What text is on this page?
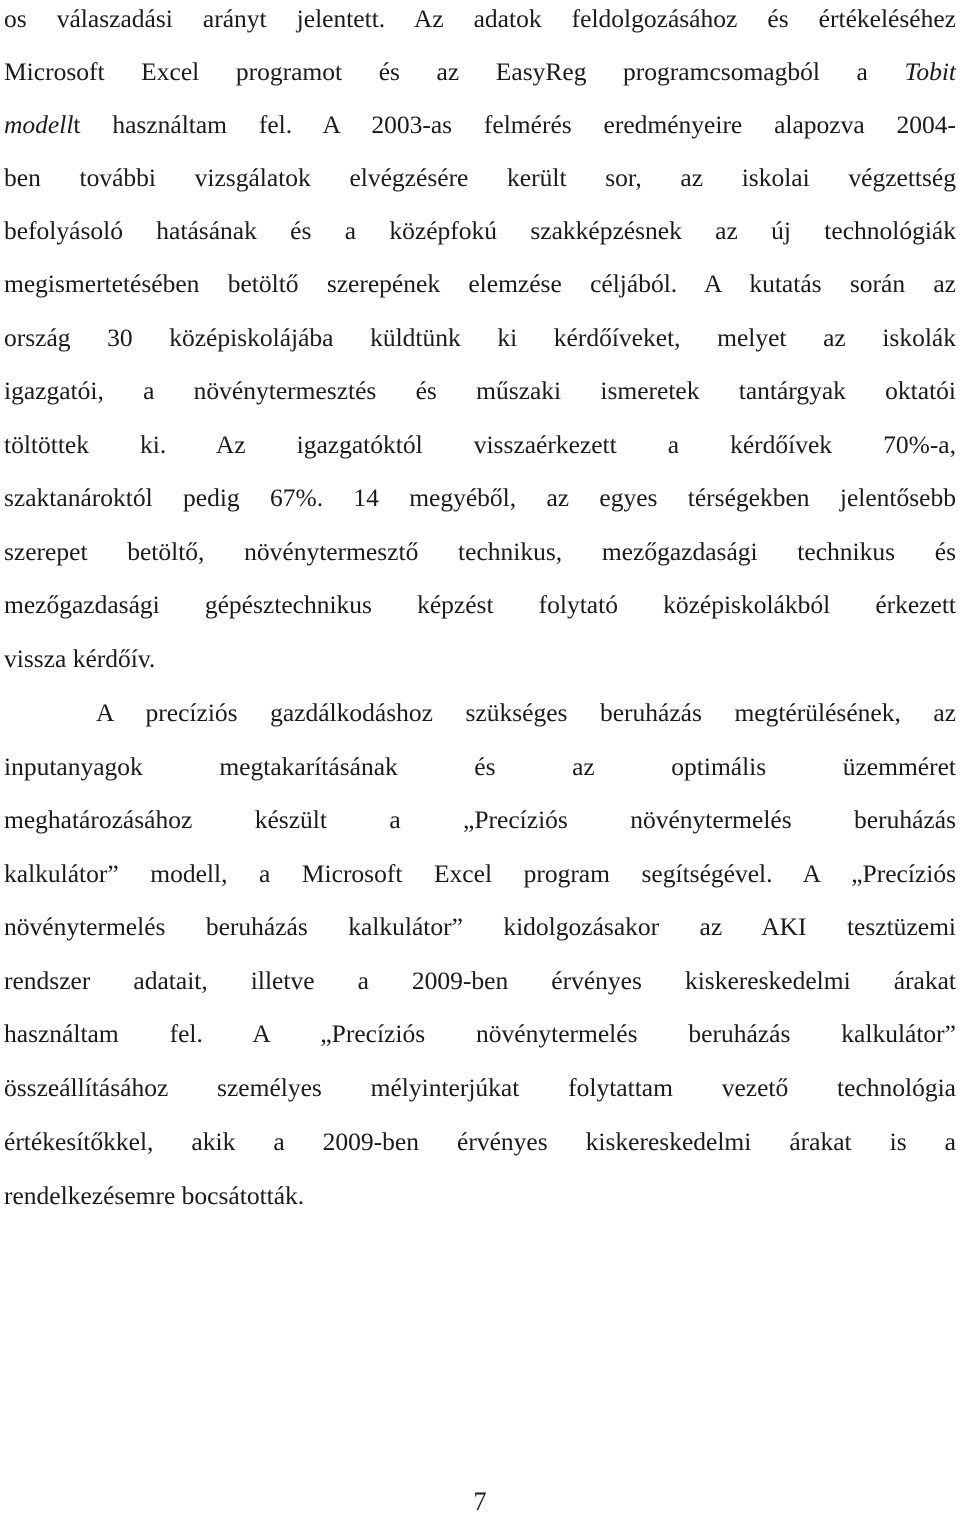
os válaszadási arányt jelentett. Az adatok feldolgozásához és értékeléséhez
Microsoft Excel programot és az EasyReg programcsomagból a Tobit
modellt használtam fel. A 2003-as felmérés eredményeire alapozva 2004-
ben további vizsgálatok elvégzésére került sor, az iskolai végzettség
befolyásoló hatásának és a középfokú szakképzésnek az új technológiák
megismertetésében betöltő szerepének elemzése céljából. A kutatás során az
ország 30 középiskolájába küldtünk ki kérdőíveket, melyet az iskolák
igazgatói, a növénytermesztés és műszaki ismeretek tantárgyak oktatói
töltöttek ki. Az igazgatóktól visszaérkezett a kérdőívek 70%-a,
szaktanároktól pedig 67%. 14 megyéből, az egyes térségekben jelentősebb
szerepet betöltő, növénytermesztő technikus, mezőgazdasági technikus és
mezőgazdasági gépésztechnikus képzést folytató középiskolákból érkezett
vissza kérdőív.
A precíziós gazdálkodáshoz szükséges beruházás megtérülésének, az
inputanyagok megtakarításának és az optimális üzemméret
meghatározásához készült a „Precíziós növénytermelés beruházás
kalkulátor” modell, a Microsoft Excel program segítségével. A „Precíziós
növénytermelés beruházás kalkulátor” kidolgozásakor az AKI tesztüzemi
rendszer adatait, illetve a 2009-ben érvényes kiskereskedelmi árakat
használtam fel. A „Precíziós növénytermelés beruházás kalkulátor”
összeállításához személyes mélyinterjúkat folytattam vezető technológia
értékesítőkkel, akik a 2009-ben érvényes kiskereskedelmi árakat is a
rendelkezésemre bocsátották.
7
